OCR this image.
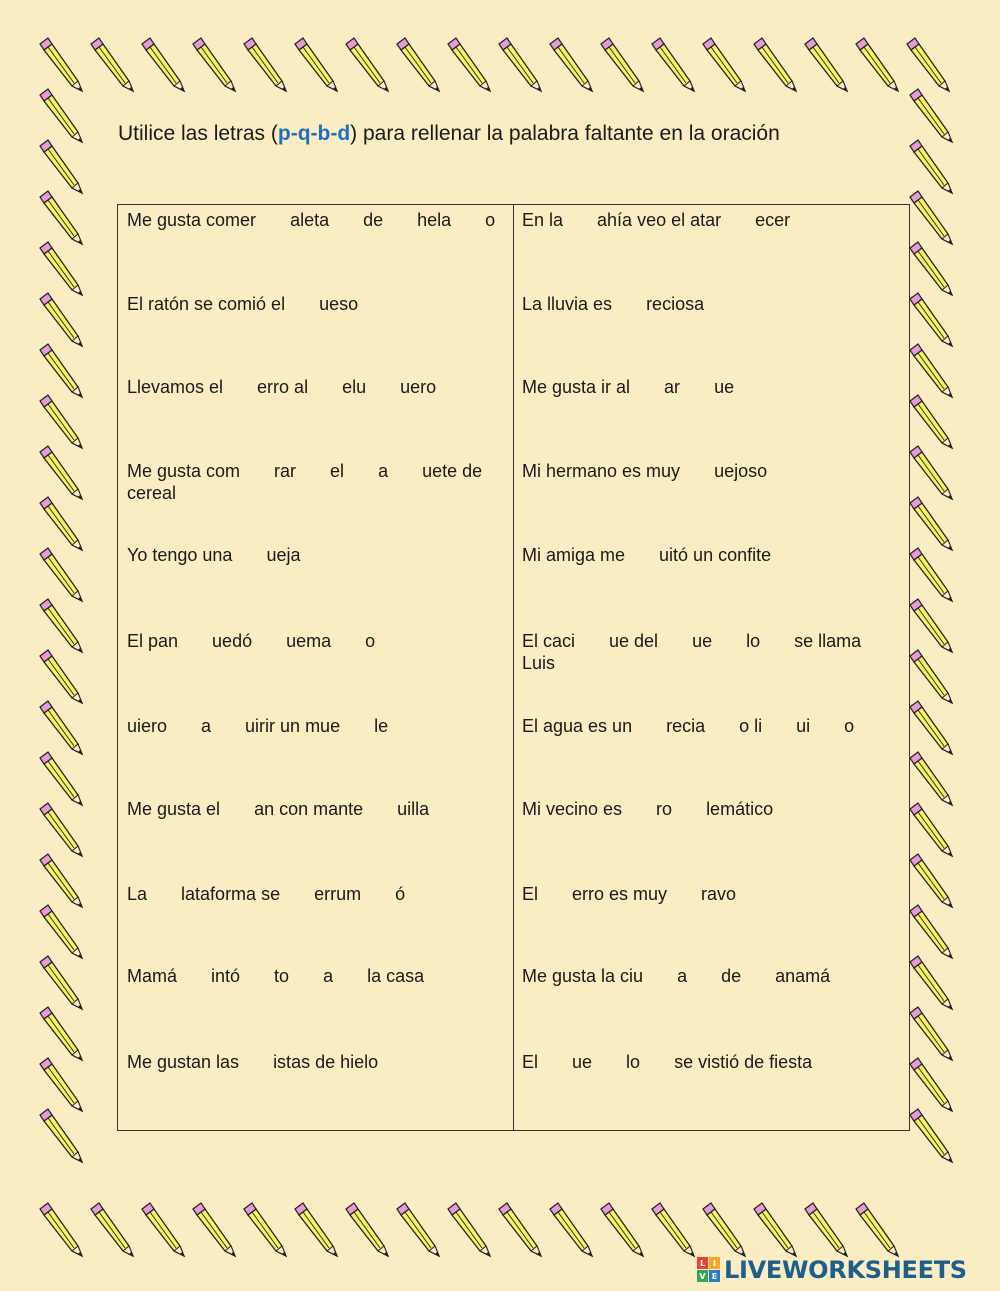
Utilice las letras (p-q-b-d) para rellenar la palabra faltante en la oración
Me gusta comer aleta de hela o
El ratón se comió el ueso
Llevamos el erro al elu uero
Me gusta com rar el a uete de
cereal
Yo tengo una ueja
El pan uedó uema o
uiero a uirir un mue le
Me gusta el an con mante uilla
La lataforma se errum ó
Mamá intó to a la casa
Me gustan las istas de hielo
En la ahía veo el atar ecer
La lluvia es reciosa
Me gusta ir al ar ue
Mi hermano es muy uejoso
Mi amiga me uitó un confite
El caci ue del ue lo se llama
Luis
El agua es un recia o li ui o
Mi vecino es ro lemático
El erro es muy ravo
Me gusta la ciu a de anamá
El ue lo se vistió de fiesta
L I
V E LIVEWORKSHEETS
